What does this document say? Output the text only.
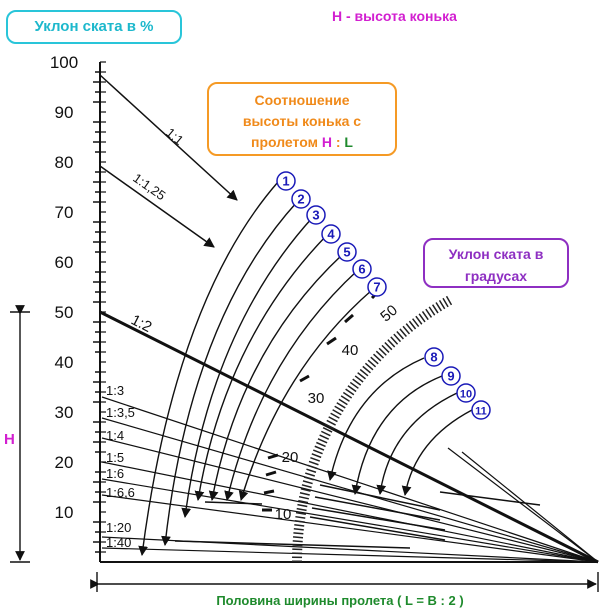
100
90
80
70
60
50
40
30
20
10	10
20
30
40
50
1:1
1:1,25
1:2
1:3
1:3,5
1:4
1:5
1:6
1:6,6
1:20
1:40
1
2
3
4
5
6
7
8
9
10
11
H
Уклон ската в %
H - высота конька
Соотношение
высоты конька с
пролетом H : L
Уклон ската в
градусах
Половина ширины пролета ( L = B : 2 )
